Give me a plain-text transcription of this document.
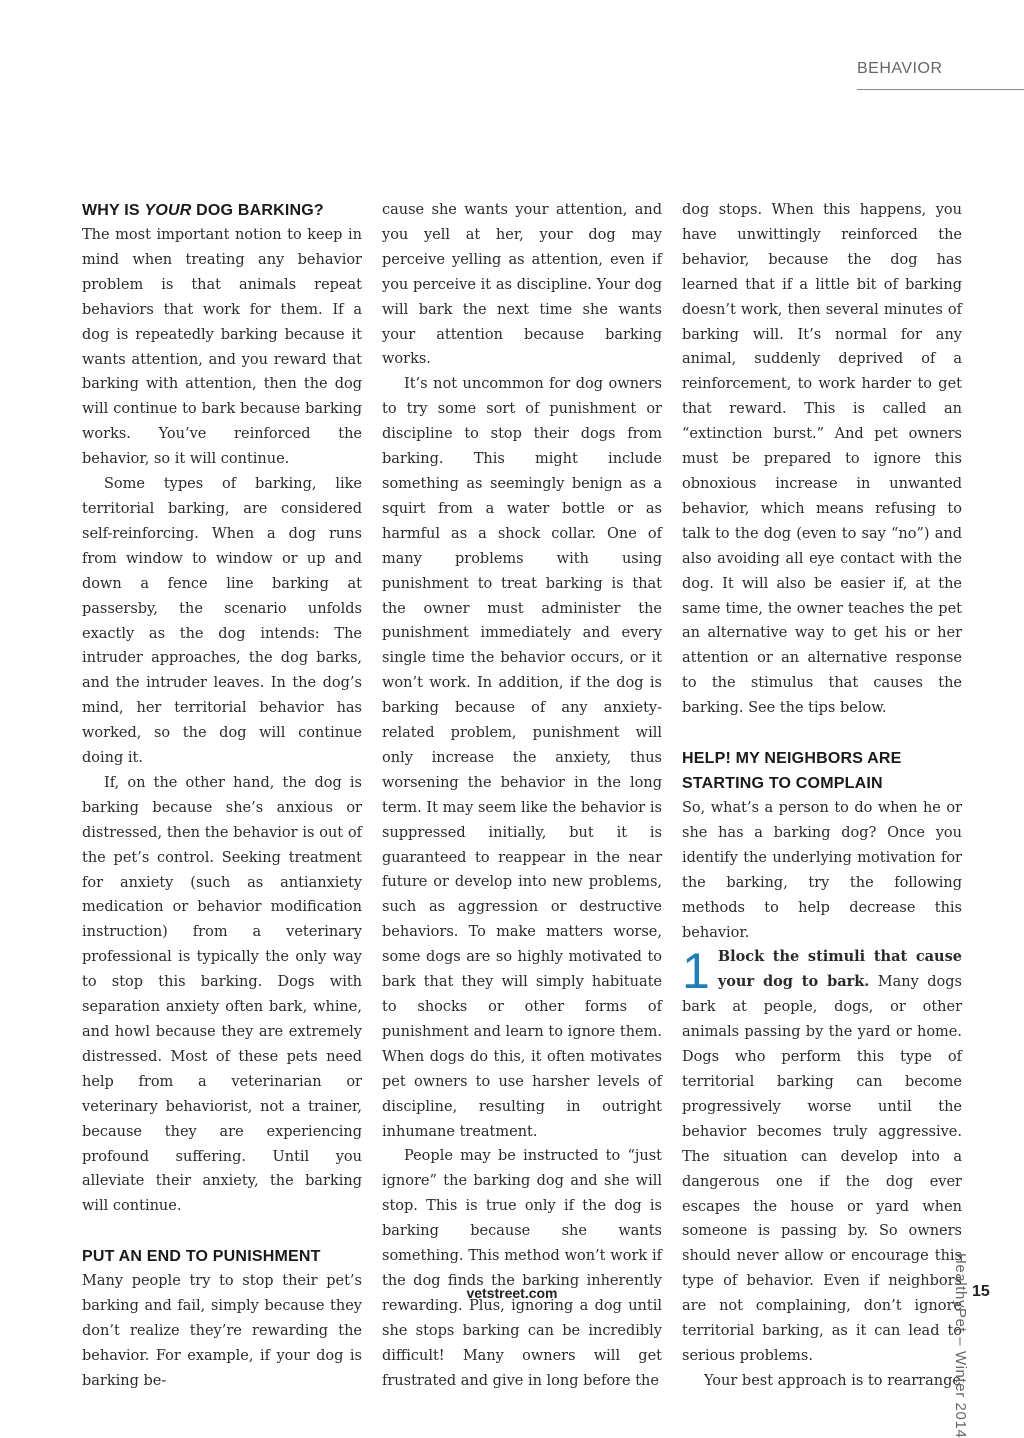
BEHAVIOR
WHY IS YOUR DOG BARKING?

The most important notion to keep in mind when treating any behavior problem is that animals repeat behaviors that work for them. If a dog is repeatedly barking because it wants attention, and you reward that barking with attention, then the dog will continue to bark because barking works. You’ve reinforced the behavior, so it will continue.

Some types of barking, like territorial barking, are considered self-reinforcing. When a dog runs from window to window or up and down a fence line barking at passersby, the scenario unfolds exactly as the dog intends: The intruder approaches, the dog barks, and the intruder leaves. In the dog’s mind, her territorial behavior has worked, so the dog will continue doing it.

If, on the other hand, the dog is barking because she’s anxious or distressed, then the behavior is out of the pet’s control. Seeking treatment for anxiety (such as antianxiety medication or behavior modification instruction) from a veterinary professional is typically the only way to stop this barking. Dogs with separation anxiety often bark, whine, and howl because they are extremely distressed. Most of these pets need help from a veterinarian or veterinary behaviorist, not a trainer, because they are experiencing profound suffering. Until you alleviate their anxiety, the barking will continue.

PUT AN END TO PUNISHMENT

Many people try to stop their pet’s barking and fail, simply because they don’t realize they’re rewarding the behavior. For example, if your dog is barking be-

cause she wants your attention, and you yell at her, your dog may perceive yelling as attention, even if you perceive it as discipline. Your dog will bark the next time she wants your attention because barking works.

It’s not uncommon for dog owners to try some sort of punishment or discipline to stop their dogs from barking. This might include something as seemingly benign as a squirt from a water bottle or as harmful as a shock collar. One of many problems with using punishment to treat barking is that the owner must administer the punishment immediately and every single time the behavior occurs, or it won’t work. In addition, if the dog is barking because of any anxiety-related problem, punishment will only increase the anxiety, thus worsening the behavior in the long term. It may seem like the behavior is suppressed initially, but it is guaranteed to reappear in the near future or develop into new problems, such as aggression or destructive behaviors. To make matters worse, some dogs are so highly motivated to bark that they will simply habituate to shocks or other forms of punishment and learn to ignore them. When dogs do this, it often motivates pet owners to use harsher levels of discipline, resulting in outright inhumane treatment.

People may be instructed to “just ignore” the barking dog and she will stop. This is true only if the dog is barking because she wants something. This method won’t work if the dog finds the barking inherently rewarding. Plus, ignoring a dog until she stops barking can be incredibly difficult! Many owners will get frustrated and give in long before the

dog stops. When this happens, you have unwittingly reinforced the behavior, because the dog has learned that if a little bit of barking doesn’t work, then several minutes of barking will. It’s normal for any animal, suddenly deprived of a reinforcement, to work harder to get that reward. This is called an “extinction burst.” And pet owners must be prepared to ignore this obnoxious increase in unwanted behavior, which means refusing to talk to the dog (even to say “no”) and also avoiding all eye contact with the dog. It will also be easier if, at the same time, the owner teaches the pet an alternative way to get his or her attention or an alternative response to the stimulus that causes the barking. See the tips below.

HELP! MY NEIGHBORS ARE STARTING TO COMPLAIN

So, what’s a person to do when he or she has a barking dog? Once you identify the underlying motivation for the barking, try the following methods to help decrease this behavior.

1 Block the stimuli that cause your dog to bark. Many dogs bark at people, dogs, or other animals passing by the yard or home. Dogs who perform this type of territorial barking can become progressively worse until the behavior becomes truly aggressive. The situation can develop into a dangerous one if the dog ever escapes the house or yard when someone is passing by. So owners should never allow or encourage this type of behavior. Even if neighbors are not complaining, don’t ignore territorial barking, as it can lead to serious problems.

Your best approach is to rearrange

HealthyPet – Winter 2014
vetstreet.com	15
